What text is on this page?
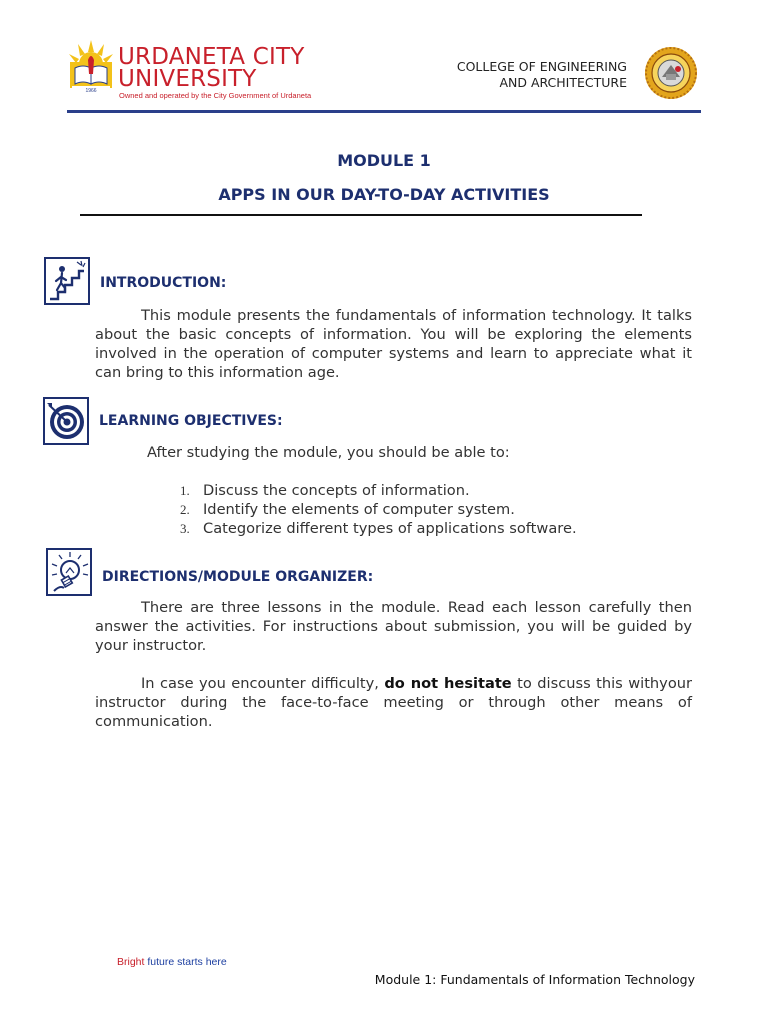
1966
URDANETA CITY
UNIVERSITY
Owned and operated by the City Government of Urdaneta
COLLEGE OF ENGINEERING
AND ARCHITECTURE
MODULE 1
APPS IN OUR DAY-TO-DAY ACTIVITIES
INTRODUCTION:
This module presents the fundamentals of information technology. It talks about the basic concepts of information. You will be exploring the elements involved in the operation of computer systems and learn to appreciate what it can bring to this information age.
LEARNING OBJECTIVES:
After studying the module, you should be able to:
1. Discuss the concepts of information.
2. Identify the elements of computer system.
3. Categorize different types of applications software.
DIRECTIONS/MODULE ORGANIZER:
There are three lessons in the module. Read each lesson carefully then answer the activities. For instructions about submission, you will be guided by your instructor.
In case you encounter difficulty, do not hesitate to discuss this withyour instructor during the face-to-face meeting or through other means of communication.
Bright future starts here
Module 1: Fundamentals of Information Technology
